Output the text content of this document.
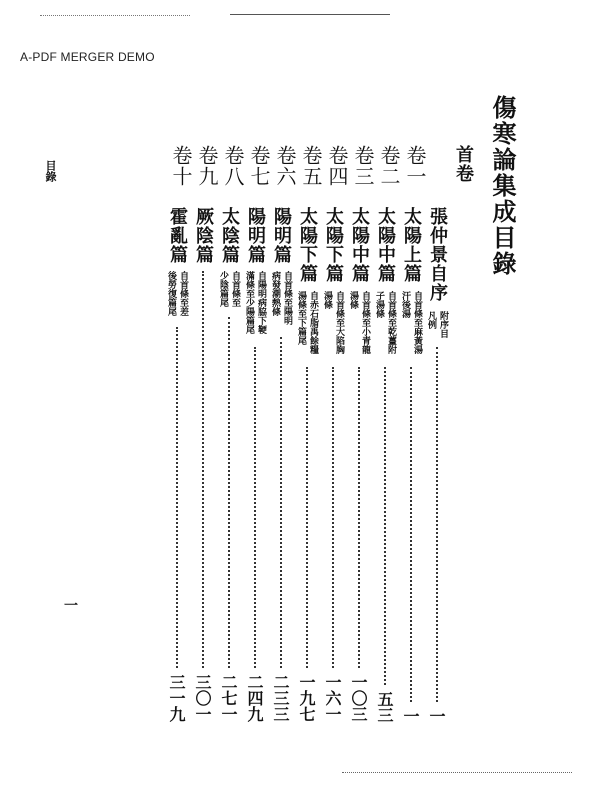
A-PDF MERGER DEMO
傷寒論集成目錄
目錄
一
首卷
張仲景自序
附序目
凡例
一
卷一
太陽上篇
自首條至麻黃湯
汗後湯
一
卷二
太陽中篇
自首條至乾薑附
子湯條
五三
卷三
太陽中篇
自首條至小青龍
湯條
一〇三
卷四
太陽下篇
自首條至大陷胸
湯條
一六一
卷五
太陽下篇
自赤石脂禹餘糧
湯條至下篇尾
一九七
卷六
陽明篇
自首條至陽明
病發潮熱條
二三三
卷七
陽明篇
自陽明病脇下鞕
滿條至少陽篇尾
二四九
卷八
太陰篇
自首條至
少陰篇尾
二七一
卷九
厥陰篇
三〇一
卷十
霍亂篇
自首條至差
後勞復篇尾
三一九
